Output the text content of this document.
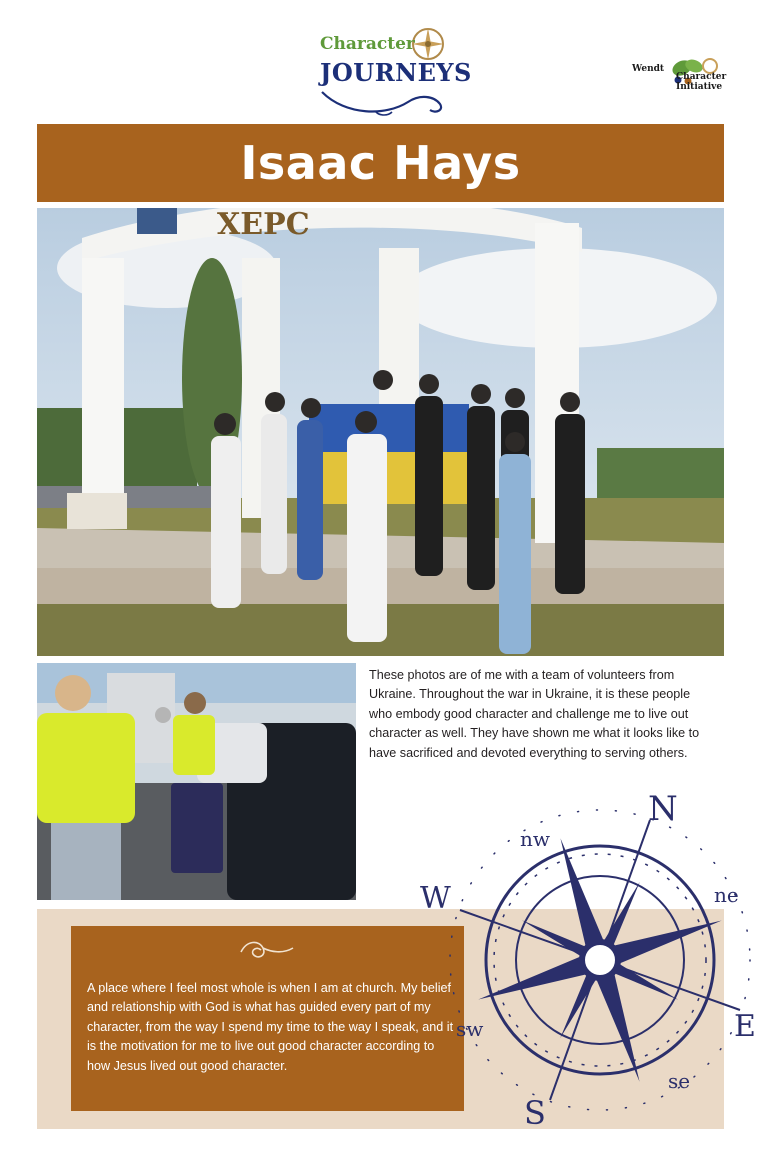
Character
JOURNEYS	Wendt
Character
Initiative
Isaac Hays
ХЕРС

These photos are of me with a team of volunteers from Ukraine. Throughout the war in Ukraine, it is these people who embody good character and challenge me to live out character as well. They have shown me what it looks like to have sacrificed and devoted everything to serving others.

A place where I feel most whole is when I am at church. My belief and relationship with God is what has guided every part of my character, from the way I spend my time to the way I speak, and it is the motivation for me to live out good character according to how Jesus lived out good character.

N
E
S
W
nw
ne
se
sw
